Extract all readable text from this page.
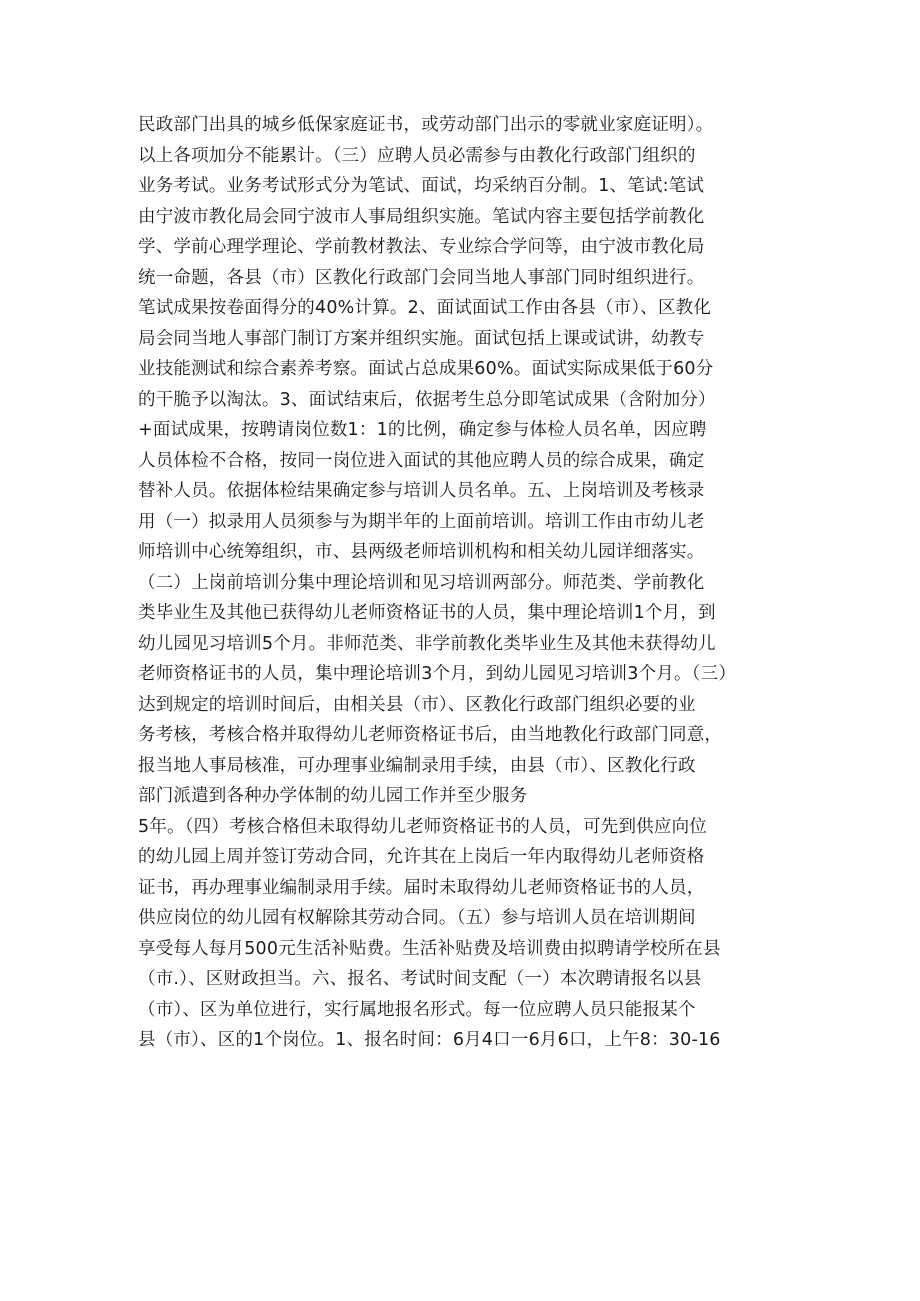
民政部门出具的城乡低保家庭证书，或劳动部门出示的零就业家庭证明）。
以上各项加分不能累计。（三）应聘人员必需参与由教化行政部门组织的
业务考试。业务考试形式分为笔试、面试，均采纳百分制。1、笔试:笔试
由宁波市教化局会同宁波市人事局组织实施。笔试内容主要包括学前教化
学、学前心理学理论、学前教材教法、专业综合学问等，由宁波市教化局
统一命题，各县（市）区教化行政部门会同当地人事部门同时组织进行。
笔试成果按卷面得分的40%计算。2、面试面试工作由各县（市）、区教化
局会同当地人事部门制订方案并组织实施。面试包括上课或试讲，幼教专
业技能测试和综合素养考察。面试占总成果60%。面试实际成果低于60分
的干脆予以淘汰。3、面试结束后，依据考生总分即笔试成果（含附加分）
+面试成果，按聘请岗位数1：1的比例，确定参与体检人员名单，因应聘
人员体检不合格，按同一岗位进入面试的其他应聘人员的综合成果，确定
替补人员。依据体检结果确定参与培训人员名单。五、上岗培训及考核录
用（一）拟录用人员须参与为期半年的上面前培训。培训工作由市幼儿老
师培训中心统筹组织，市、县两级老师培训机构和相关幼儿园详细落实。
（二）上岗前培训分集中理论培训和见习培训两部分。师范类、学前教化
类毕业生及其他已获得幼儿老师资格证书的人员，集中理论培训1个月，到
幼儿园见习培训5个月。非师范类、非学前教化类毕业生及其他未获得幼儿
老师资格证书的人员，集中理论培训3个月，到幼儿园见习培训3个月。（三）
达到规定的培训时间后，由相关县（市）、区教化行政部门组织必要的业
务考核，考核合格并取得幼儿老师资格证书后，由当地教化行政部门同意，
报当地人事局核准，可办理事业编制录用手续，由县（市）、区教化行政
部门派遣到各种办学体制的幼儿园工作并至少服务
5年。（四）考核合格但未取得幼儿老师资格证书的人员，可先到供应向位
的幼儿园上周并签订劳动合同，允许其在上岗后一年内取得幼儿老师资格
证书，再办理事业编制录用手续。届时未取得幼儿老师资格证书的人员，
供应岗位的幼儿园有权解除其劳动合同。（五）参与培训人员在培训期间
享受每人每月500元生活补贴费。生活补贴费及培训费由拟聘请学校所在县
（市.）、区财政担当。六、报名、考试时间支配（一）本次聘请报名以县
（市）、区为单位进行，实行属地报名形式。每一位应聘人员只能报某个
县（市）、区的1个岗位。1、报名时间：6月4口一6月6口，上午8：30-16
